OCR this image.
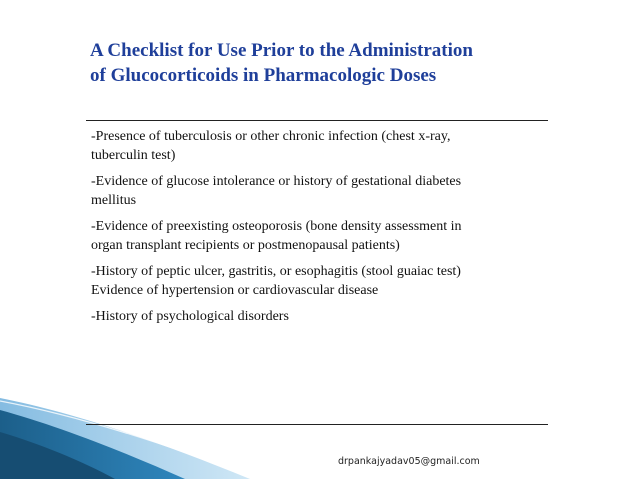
A Checklist for Use Prior to the Administration
of Glucocorticoids in Pharmacologic Doses
-Presence of tuberculosis or other chronic infection (chest x-ray,
tuberculin test)
-Evidence of glucose intolerance or history of gestational diabetes
mellitus
-Evidence of preexisting osteoporosis (bone density assessment in
organ transplant recipients or postmenopausal patients)
-History of peptic ulcer, gastritis, or esophagitis (stool guaiac test)
Evidence of hypertension or cardiovascular disease
-History of psychological disorders
drpankajyadav05@gmail.com
